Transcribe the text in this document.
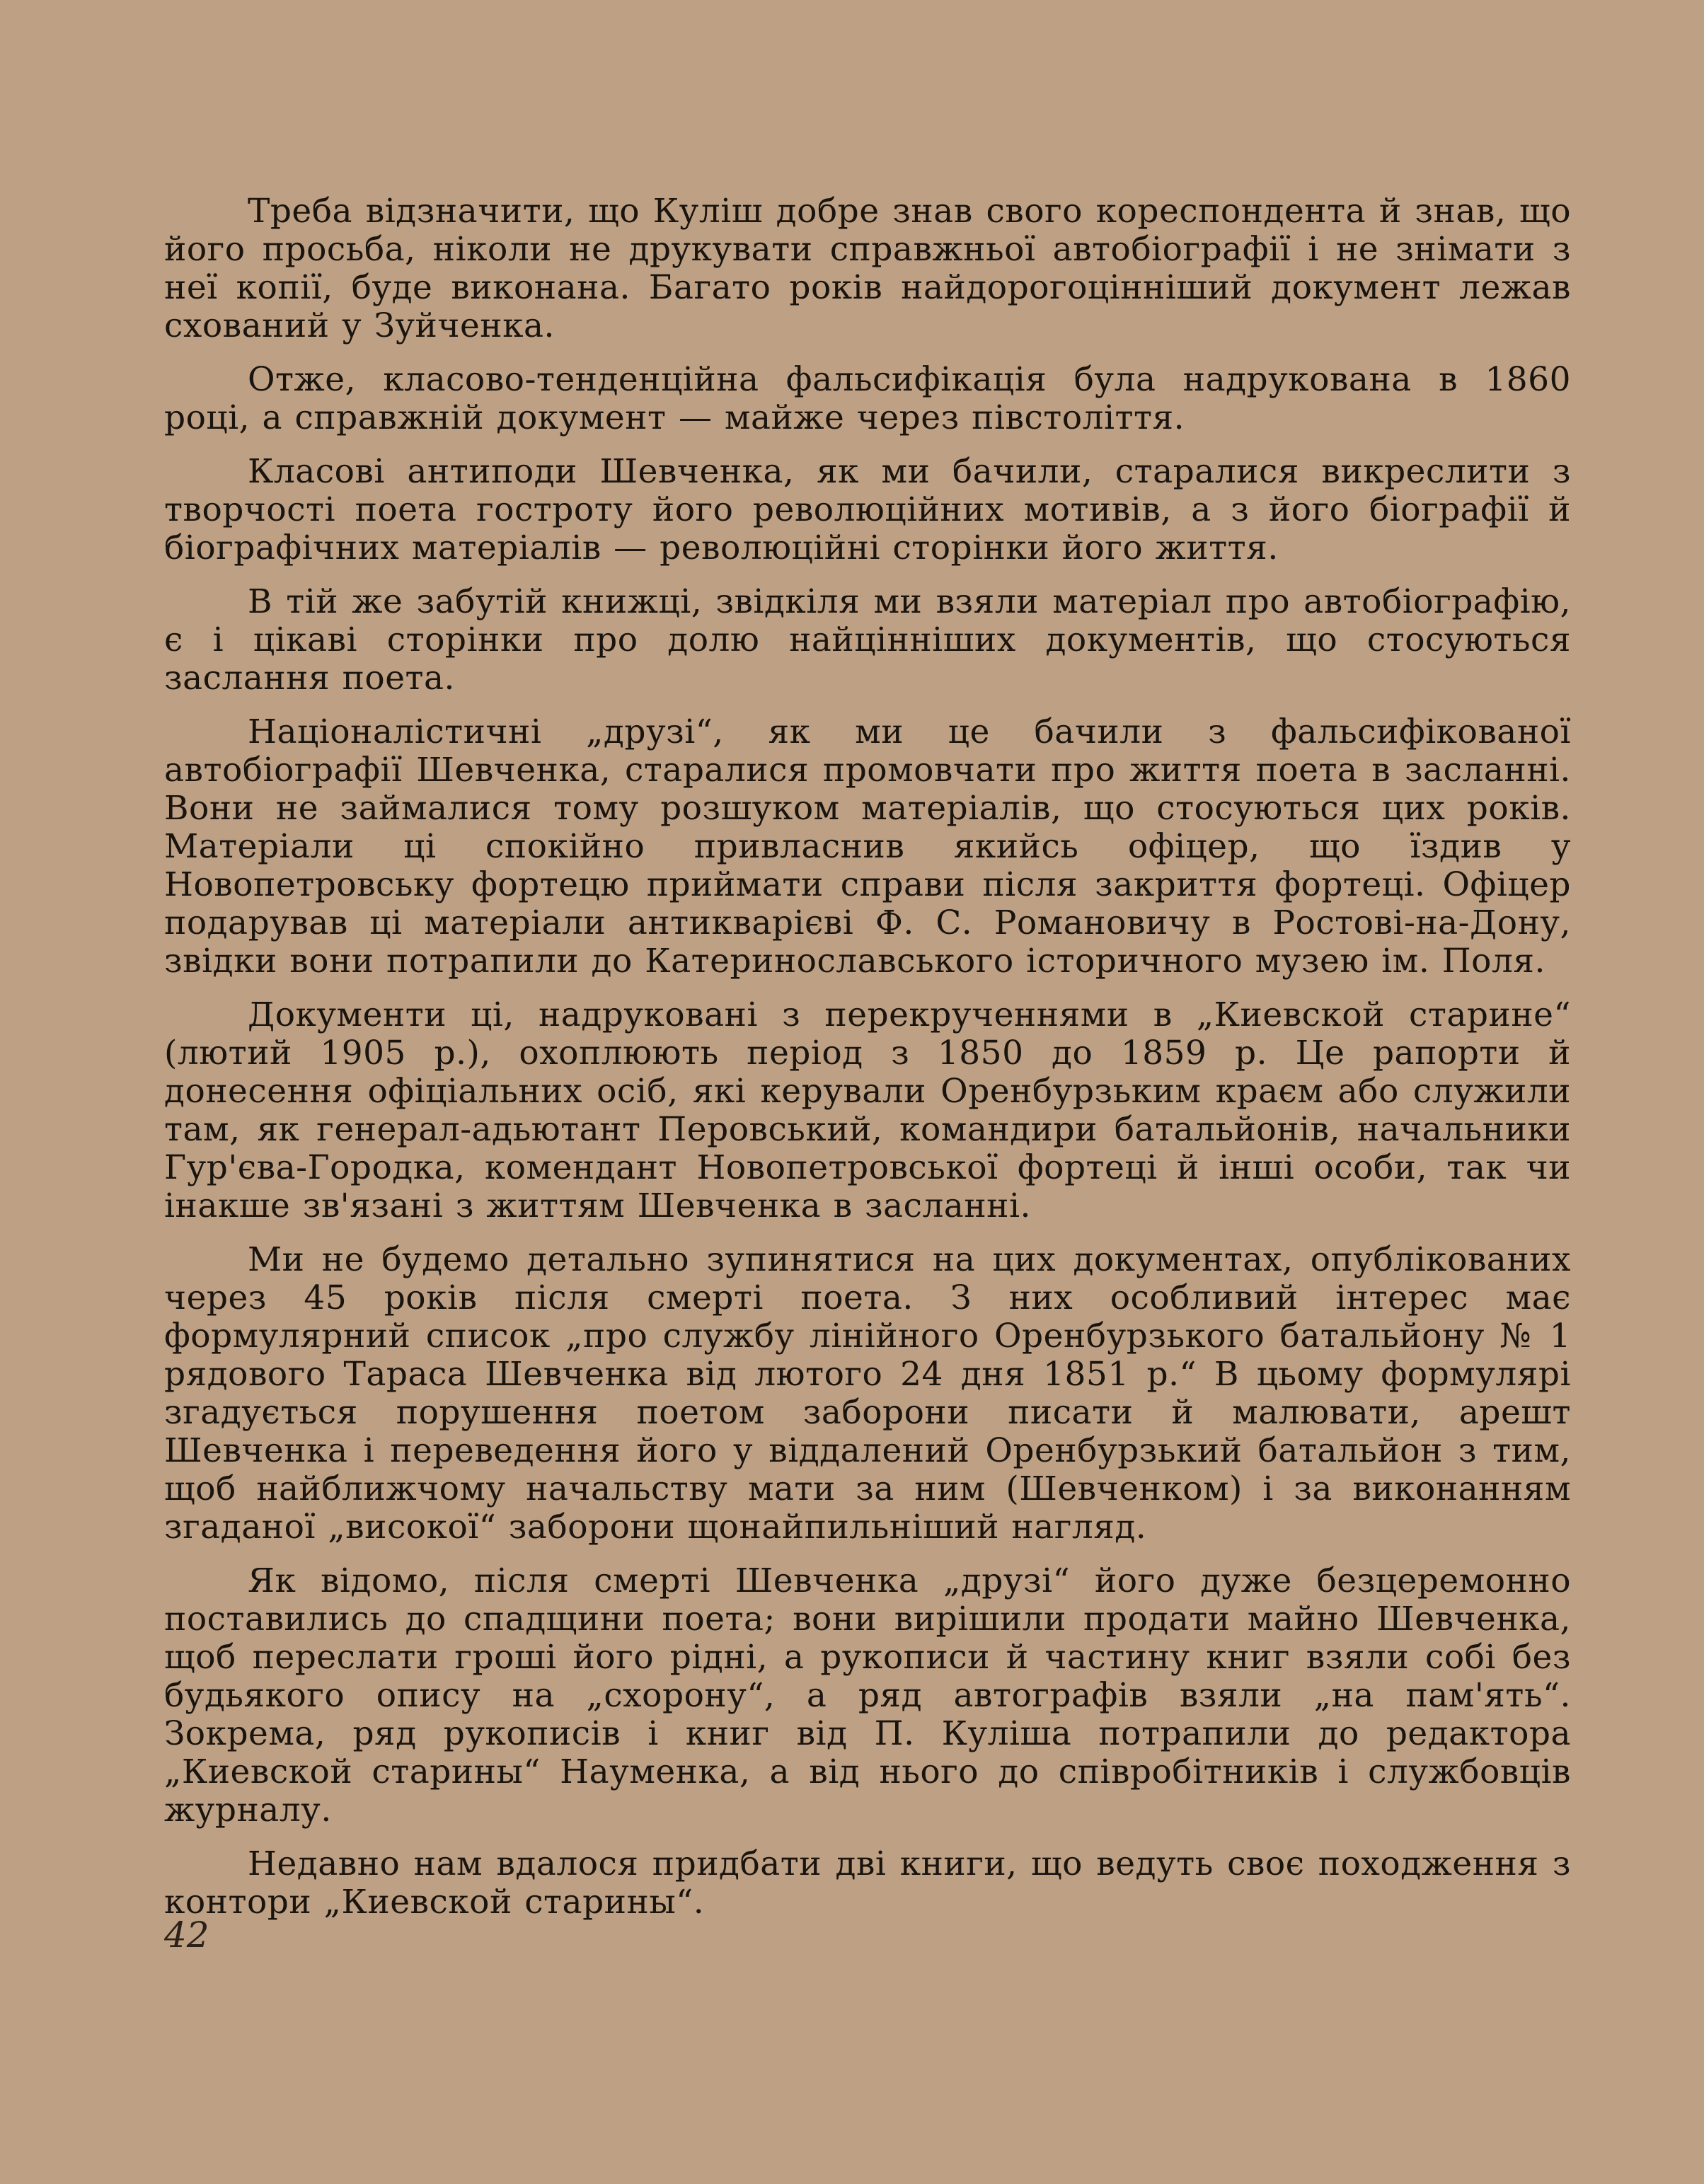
Треба відзначити, що Куліш добре знав свого кореспондента й знав, що його просьба, ніколи не друкувати справжньої автобіографії і не знімати з неї копії, буде виконана. Багато років найдорогоцінніший документ лежав схований у Зуйченка.

Отже, класово-тенденційна фальсифікація була надрукована в 1860 році, а справжній документ — майже через півстоліття.

Класові антиподи Шевченка, як ми бачили, старалися викреслити з творчості поета гостроту його революційних мотивів, а з його біографії й біографічних матеріалів — революційні сторінки його життя.

В тій же забутій книжці, звідкіля ми взяли матеріал про автобіографію, є і цікаві сторінки про долю найцінніших документів, що стосуються заслання поета.

Націоналістичні „друзі“, як ми це бачили з фальсифікованої автобіографії Шевченка, старалися промовчати про життя поета в засланні. Вони не займалися тому розшуком матеріалів, що стосуються цих років. Матеріали ці спокійно привласнив якийсь офіцер, що їздив у Новопетровську фортецю приймати справи після закриття фортеці. Офіцер подарував ці матеріали антикварієві Ф. С. Романовичу в Ростові-на-Дону, звідки вони потрапили до Катеринославського історичного музею ім. Поля.

Документи ці, надруковані з перекрученнями в „Киевской старине“ (лютий 1905 р.), охоплюють період з 1850 до 1859 р. Це рапорти й донесення офіціальних осіб, які керували Оренбурзьким краєм або служили там, як генерал-адьютант Перовський, командири батальйонів, начальники Гур'єва-Городка, комендант Новопетровської фортеці й інші особи, так чи інакше зв'язані з життям Шевченка в засланні.

Ми не будемо детально зупинятися на цих документах, опублікованих через 45 років після смерті поета. З них особливий інтерес має формулярний список „про службу лінійного Оренбурзького батальйону № 1 рядового Тараса Шевченка від лютого 24 дня 1851 р.“ В цьому формулярі згадується порушення поетом заборони писати й малювати, арешт Шевченка і переведення його у віддалений Оренбурзький батальйон з тим, щоб найближчому начальству мати за ним (Шевченком) і за виконанням згаданої „високої“ заборони щонайпильніший нагляд.

Як відомо, після смерті Шевченка „друзі“ його дуже безцеремонно поставились до спадщини поета; вони вирішили продати майно Шевченка, щоб переслати гроші його рідні, а рукописи й частину книг взяли собі без будьякого опису на „схорону“, а ряд автографів взяли „на пам'ять“. Зокрема, ряд рукописів і книг від П. Куліша потрапили до редактора „Киевской старины“ Науменка, а від нього до співробітників і службовців журналу.

Недавно нам вдалося придбати дві книги, що ведуть своє походження з контори „Киевской старины“.

42
